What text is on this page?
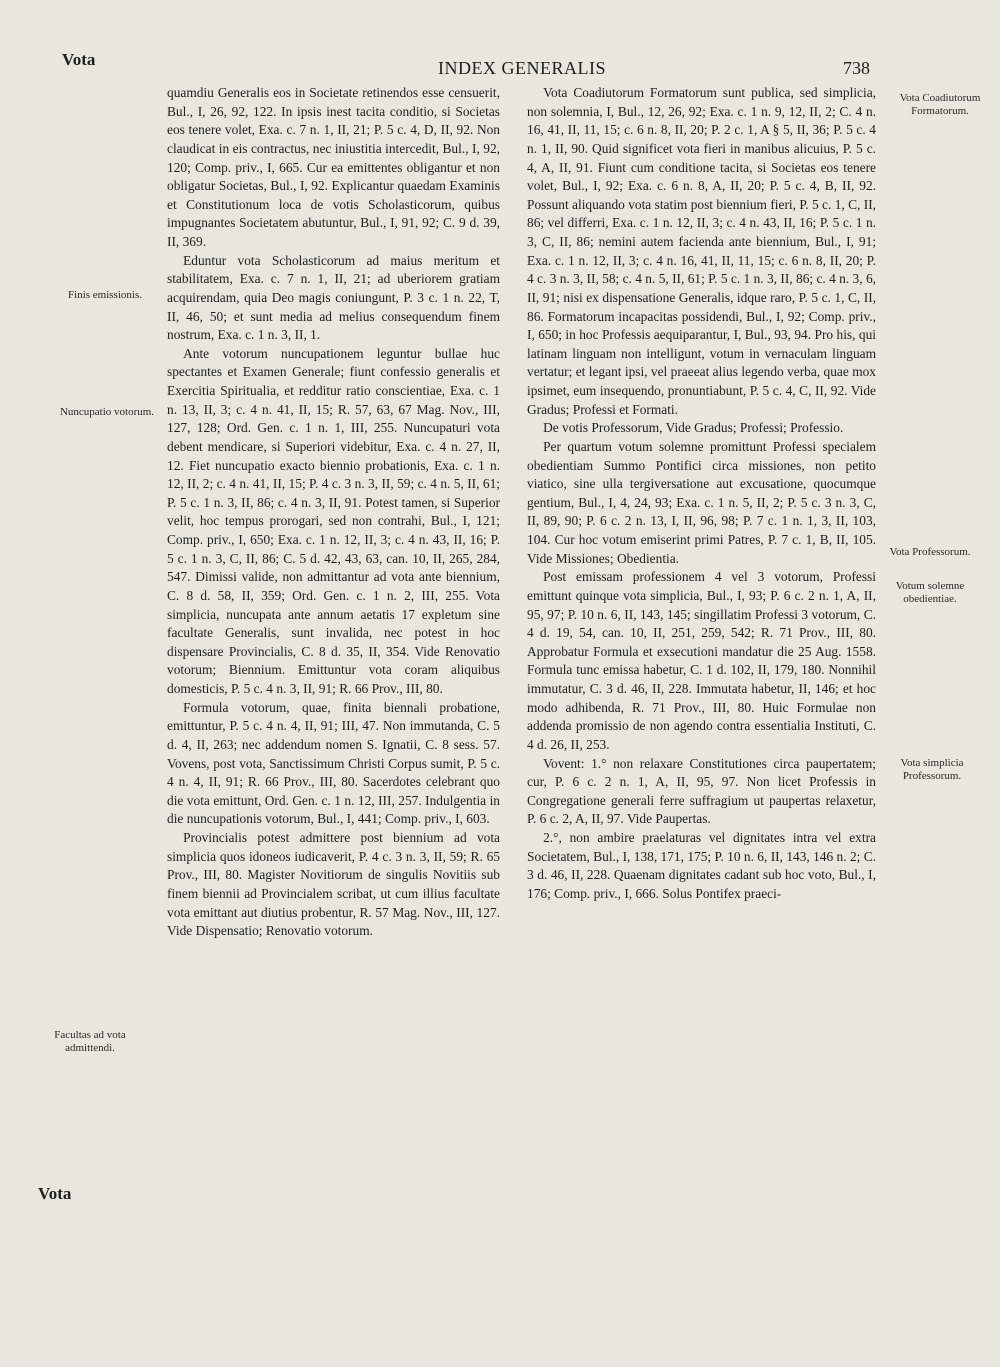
Vota	INDEX GENERALIS	738
Finis emissionis.
Nuncupatio votorum.
Facultas ad vota admittendi.
Vota Coadiutorum Formatorum.
Vota Professorum.
Votum solemne obedientiae.
Vota simplicia Professorum.

quamdiu Generalis eos in Societate retinendos esse censuerit, Bul., I, 26, 92, 122. In ipsis inest tacita conditio, si Societas eos tenere volet, Exa. c. 7 n. 1, II, 21; P. 5 c. 4, D, II, 92. Non claudicat in eis contractus, nec iniustitia intercedit, Bul., I, 92, 120; Comp. priv., I, 665. Cur ea emittentes obligantur et non obligatur Societas, Bul., I, 92. Explicantur quaedam Examinis et Constitutionum loca de votis Scholasticorum, quibus impugnantes Societatem abutuntur, Bul., I, 91, 92; C. 9 d. 39, II, 369.

Eduntur vota Scholasticorum ad maius meritum et stabilitatem, Exa. c. 7 n. 1, II, 21; ad uberiorem gratiam acquirendam, quia Deo magis coniungunt, P. 3 c. 1 n. 22, T, II, 46, 50; et sunt media ad melius consequendum finem nostrum, Exa. c. 1 n. 3, II, 1.

Ante votorum nuncupationem leguntur bullae huc spectantes et Examen Generale; fiunt confessio generalis et Exercitia Spiritualia, et redditur ratio conscientiae, Exa. c. 1 n. 13, II, 3; c. 4 n. 41, II, 15; R. 57, 63, 67 Mag. Nov., III, 127, 128; Ord. Gen. c. 1 n. 1, III, 255. Nuncupaturi vota debent mendicare, si Superiori videbitur, Exa. c. 4 n. 27, II, 12. Fiet nuncupatio exacto biennio probationis, Exa. c. 1 n. 12, II, 2; c. 4 n. 41, II, 15; P. 4 c. 3 n. 3, II, 59; c. 4 n. 5, II, 61; P. 5 c. 1 n. 3, II, 86; c. 4 n. 3, II, 91. Potest tamen, si Superior velit, hoc tempus prorogari, sed non contrahi, Bul., I, 121; Comp. priv., I, 650; Exa. c. 1 n. 12, II, 3; c. 4 n. 43, II, 16; P. 5 c. 1 n. 3, C, II, 86; C. 5 d. 42, 43, 63, can. 10, II, 265, 284, 547. Dimissi valide, non admittantur ad vota ante biennium, C. 8 d. 58, II, 359; Ord. Gen. c. 1 n. 2, III, 255. Vota simplicia, nuncupata ante annum aetatis 17 expletum sine facultate Generalis, sunt invalida, nec potest in hoc dispensare Provincialis, C. 8 d. 35, II, 354. Vide Renovatio votorum; Biennium. Emittuntur vota coram aliquibus domesticis, P. 5 c. 4 n. 3, II, 91; R. 66 Prov., III, 80.

Formula votorum, quae, finita biennali probatione, emittuntur, P. 5 c. 4 n. 4, II, 91; III, 47. Non immutanda, C. 5 d. 4, II, 263; nec addendum nomen S. Ignatii, C. 8 sess. 57. Vovens, post vota, Sanctissimum Christi Corpus sumit, P. 5 c. 4 n. 4, II, 91; R. 66 Prov., III, 80. Sacerdotes celebrant quo die vota emittunt, Ord. Gen. c. 1 n. 12, III, 257. Indulgentia in die nuncupationis votorum, Bul., I, 441; Comp. priv., I, 603.

Provincialis potest admittere post biennium ad vota simplicia quos idoneos iudicaverit, P. 4 c. 3 n. 3, II, 59; R. 65 Prov., III, 80. Magister Novitiorum de singulis Novitiis sub finem biennii ad Provincialem scribat, ut cum illius facultate vota emittant aut diutius probentur, R. 57 Mag. Nov., III, 127. Vide Dispensatio; Renovatio votorum.

Vota Coadiutorum Formatorum sunt publica, sed simplicia, non solemnia, I, Bul., 12, 26, 92; Exa. c. 1 n. 9, 12, II, 2; C. 4 n. 16, 41, II, 11, 15; c. 6 n. 8, II, 20; P. 2 c. 1, A § 5, II, 36; P. 5 c. 4 n. 1, II, 90. Quid significet vota fieri in manibus alicuius, P. 5 c. 4, A, II, 91. Fiunt cum conditione tacita, si Societas eos tenere volet, Bul., I, 92; Exa. c. 6 n. 8, A, II, 20; P. 5 c. 4, B, II, 92. Possunt aliquando vota statim post biennium fieri, P. 5 c. 1, C, II, 86; vel differri, Exa. c. 1 n. 12, II, 3; c. 4 n. 43, II, 16; P. 5 c. 1 n. 3, C, II, 86; nemini autem facienda ante biennium, Bul., I, 91; Exa. c. 1 n. 12, II, 3; c. 4 n. 16, 41, II, 11, 15; c. 6 n. 8, II, 20; P. 4 c. 3 n. 3, II, 58; c. 4 n. 5, II, 61; P. 5 c. 1 n. 3, II, 86; c. 4 n. 3, 6, II, 91; nisi ex dispensatione Generalis, idque raro, P. 5 c. 1, C, II, 86. Formatorum incapacitas possidendi, Bul., I, 92; Comp. priv., I, 650; in hoc Professis aequiparantur, I, Bul., 93, 94. Pro his, qui latinam linguam non intelligunt, votum in vernaculam linguam vertatur; et legant ipsi, vel praeeat alius legendo verba, quae mox ipsimet, eum insequendo, pronuntiabunt, P. 5 c. 4, C, II, 92. Vide Gradus; Professi et Formati.

De votis Professorum, Vide Gradus; Professi; Professio.

Per quartum votum solemne promittunt Professi specialem obedientiam Summo Pontifici circa missiones, non petito viatico, sine ulla tergiversatione aut excusatione, quocumque gentium, Bul., I, 4, 24, 93; Exa. c. 1 n. 5, II, 2; P. 5 c. 3 n. 3, C, II, 89, 90; P. 6 c. 2 n. 13, I, II, 96, 98; P. 7 c. 1 n. 1, 3, II, 103, 104. Cur hoc votum emiserint primi Patres, P. 7 c. 1, B, II, 105. Vide Missiones; Obedientia.

Post emissam professionem 4 vel 3 votorum, Professi emittunt quinque vota simplicia, Bul., I, 93; P. 6 c. 2 n. 1, A, II, 95, 97; P. 10 n. 6, II, 143, 145; singillatim Professi 3 votorum, C. 4 d. 19, 54, can. 10, II, 251, 259, 542; R. 71 Prov., III, 80. Approbatur Formula et exsecutioni mandatur die 25 Aug. 1558. Formula tunc emissa habetur, C. 1 d. 102, II, 179, 180. Nonnihil immutatur, C. 3 d. 46, II, 228. Immutata habetur, II, 146; et hoc modo adhibenda, R. 71 Prov., III, 80. Huic Formulae non addenda promissio de non agendo contra essentialia Instituti, C. 4 d. 26, II, 253.

Vovent: 1.° non relaxare Constitutiones circa paupertatem; cur, P. 6 c. 2 n. 1, A, II, 95, 97. Non licet Professis in Congregatione generali ferre suffragium ut paupertas relaxetur, P. 6 c. 2, A, II, 97. Vide Paupertas.

2.°, non ambire praelaturas vel dignitates intra vel extra Societatem, Bul., I, 138, 171, 175; P. 10 n. 6, II, 143, 146 n. 2; C. 3 d. 46, II, 228. Quaenam dignitates cadant sub hoc voto, Bul., I, 176; Comp. priv., I, 666. Solus Pontifex praeci-

Vota
